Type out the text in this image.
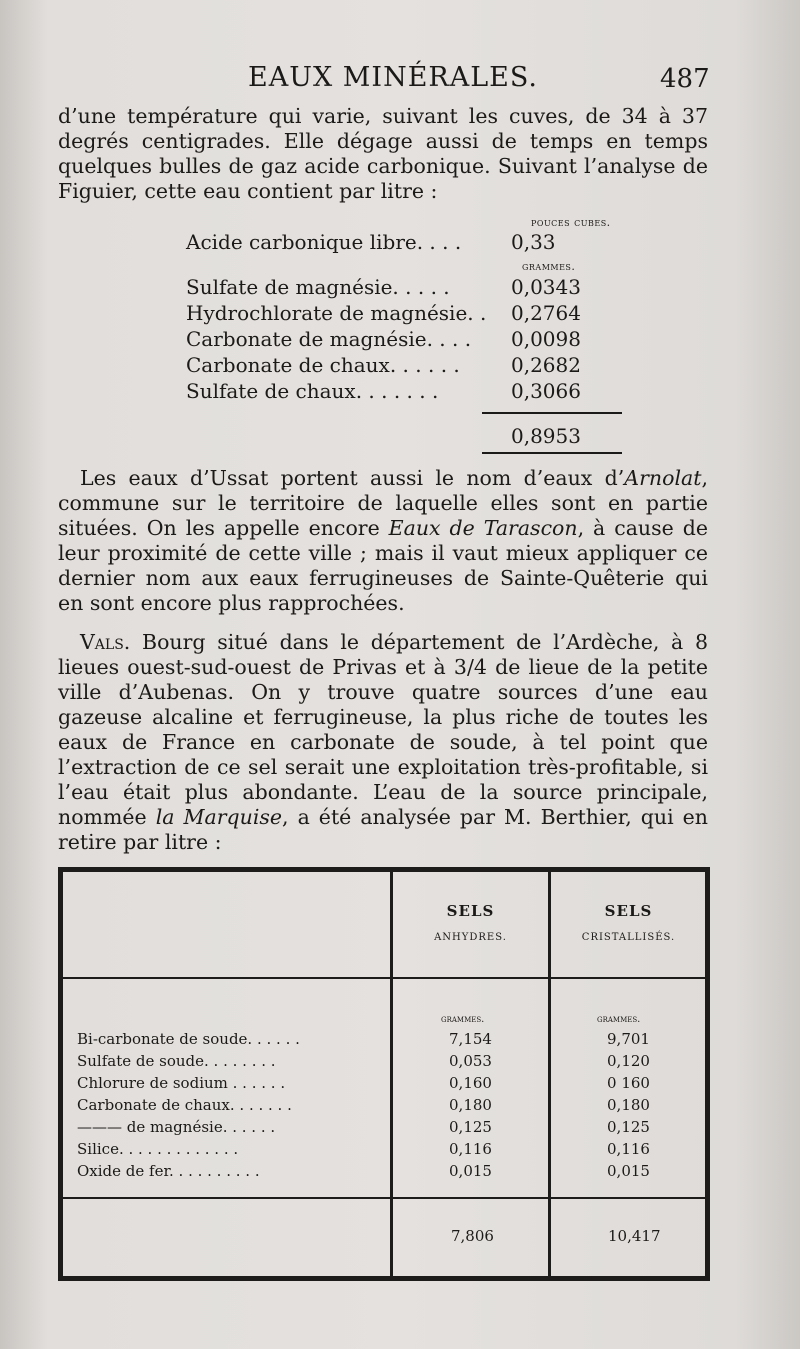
EAUX MINÉRALES.	487
d’une température qui varie, suivant les cuves, de 34 à 37 degrés centigrades. Elle dégage aussi de temps en temps quelques bulles de gaz acide carbonique. Suivant l’analyse de Figuier, cette eau contient par litre :
pouces cubes.
grammes.
Acide carbonique libre. . . . 0,33
Sulfate de magnésie. . . . .	0,0343
Hydrochlorate de magnésie. . 0,2764
Carbonate de magnésie. . . . 0,0098
Carbonate de chaux. . . . . .	0,2682
Sulfate de chaux. . . . . . .	0,3066
0,8953
Les eaux d’Ussat portent aussi le nom d’eaux d’Arnolat, commune sur le territoire de laquelle elles sont en partie situées. On les appelle encore Eaux de Tarascon, à cause de leur proximité de cette ville ; mais il vaut mieux appliquer ce dernier nom aux eaux ferrugineuses de Sainte-Quêterie qui en sont encore plus rapprochées.
Vals. Bourg situé dans le département de l’Ardèche, à 8 lieues ouest-sud-ouest de Privas et à 3/4 de lieue de la petite ville d’Aubenas. On y trouve quatre sources d’une eau gazeuse alcaline et ferrugineuse, la plus riche de toutes les eaux de France en carbonate de soude, à tel point que l’extraction de ce sel serait une exploitation très-profitable, si l’eau était plus abondante. L’eau de la source principale, nommée la Marquise, a été analysée par M. Berthier, qui en retire par litre :
SELS
ANHYDRES.
SELS
CRISTALLISÉS.
grammes.	grammes.
Bi-carbonate de soude. . . . . .	7,154	9,701
Sulfate de soude. . . . . . . .	0,053	0,120
Chlorure de sodium . . . . . .	0,160	0 160
Carbonate de chaux. . . . . . .	0,180	0,180
——— de magnésie. . . . . .	0,125	0,125
Silice. . . . . . . . . . . . .	0,116	0,116
Oxide de fer. . . . . . . . . .	0,015	0,015
7,806	10,417
